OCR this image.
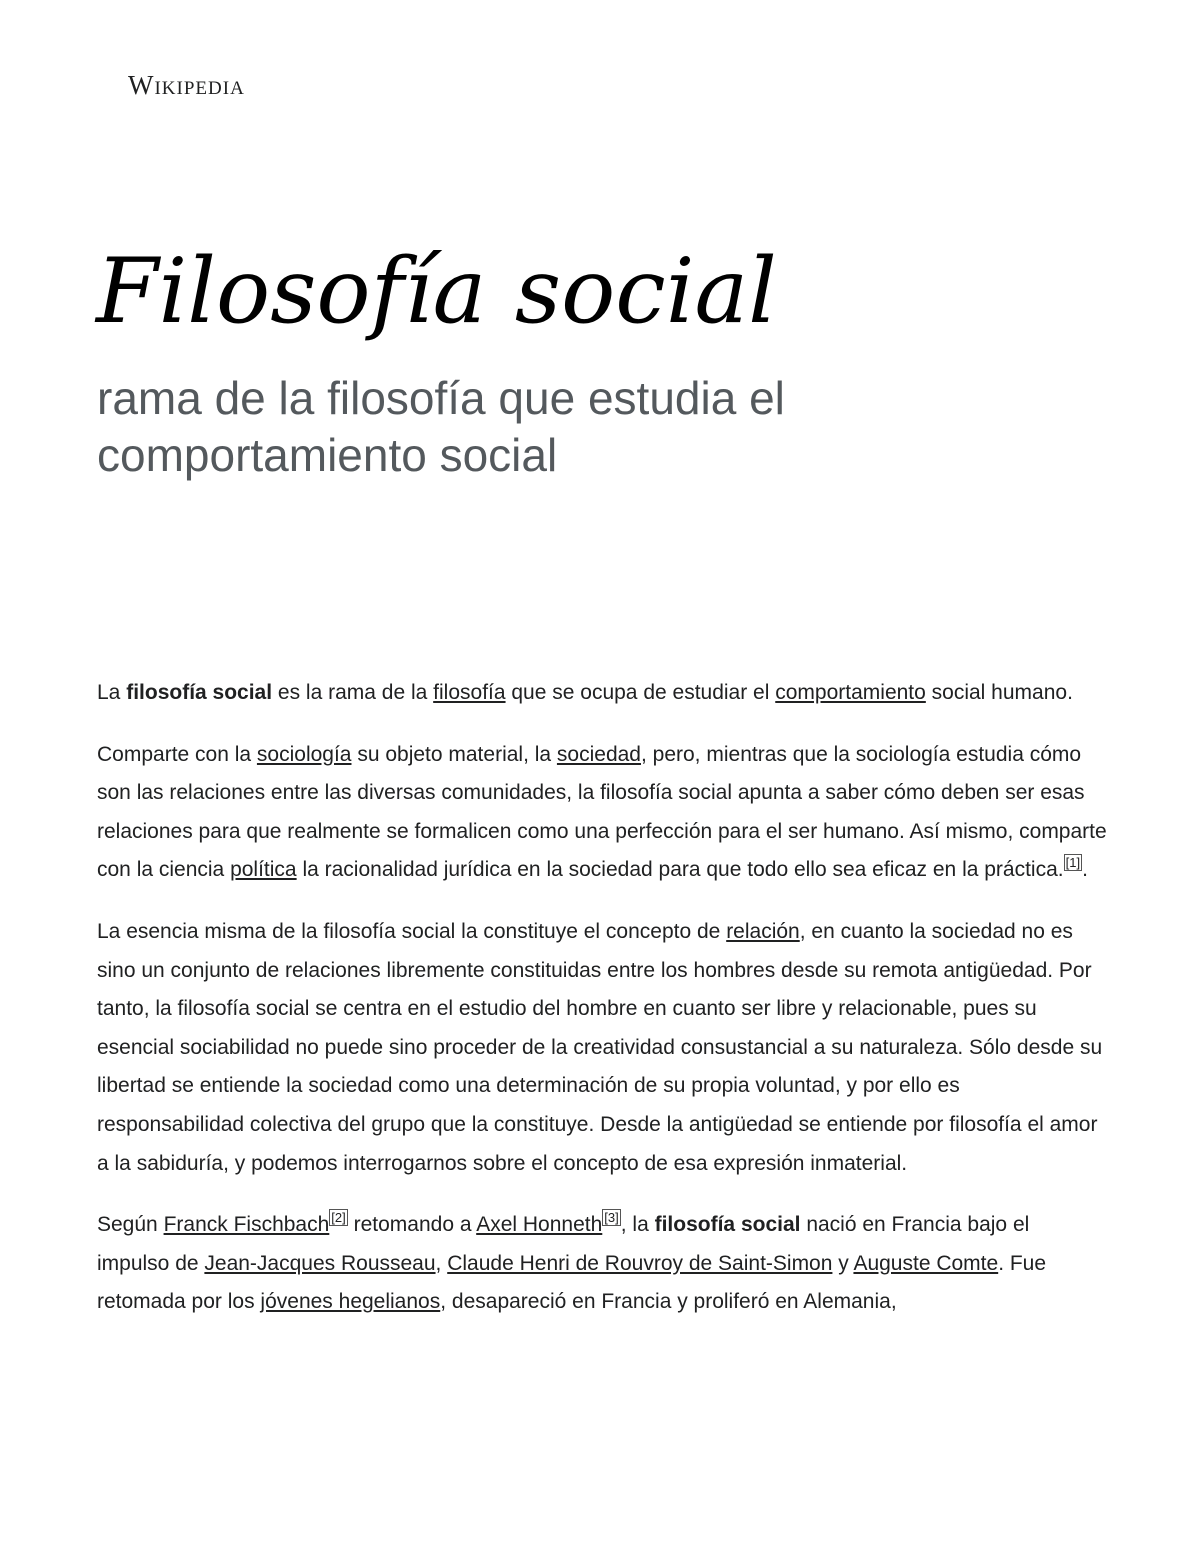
Wikipedia
Filosofía social

rama de la filosofía que estudia el comportamiento social

La filosofía social es la rama de la filosofía que se ocupa de estudiar el comportamiento social humano.

Comparte con la sociología su objeto material, la sociedad, pero, mientras que la sociología estudia cómo son las relaciones entre las diversas comunidades, la filosofía social apunta a saber cómo deben ser esas relaciones para que realmente se formalicen como una perfección para el ser humano. Así mismo, comparte con la ciencia política la racionalidad jurídica en la sociedad para que todo ello sea eficaz en la práctica. [1].

La esencia misma de la filosofía social la constituye el concepto de relación, en cuanto la sociedad no es sino un conjunto de relaciones libremente constituidas entre los hombres desde su remota antigüedad. Por tanto, la filosofía social se centra en el estudio del hombre en cuanto ser libre y relacionable, pues su esencial sociabilidad no puede sino proceder de la creatividad consustancial a su naturaleza. Sólo desde su libertad se entiende la sociedad como una determinación de su propia voluntad, y por ello es responsabilidad colectiva del grupo que la constituye. Desde la antigüedad se entiende por filosofía el amor a la sabiduría, y podemos interrogarnos sobre el concepto de esa expresión inmaterial.

Según Franck Fischbach [2] retomando a Axel Honneth [3], la filosofía social nació en Francia bajo el impulso de Jean-Jacques Rousseau, Claude Henri de Rouvroy de Saint-Simon y Auguste Comte. Fue retomada por los jóvenes hegelianos, desapareció en Francia y proliferó en Alemania,
